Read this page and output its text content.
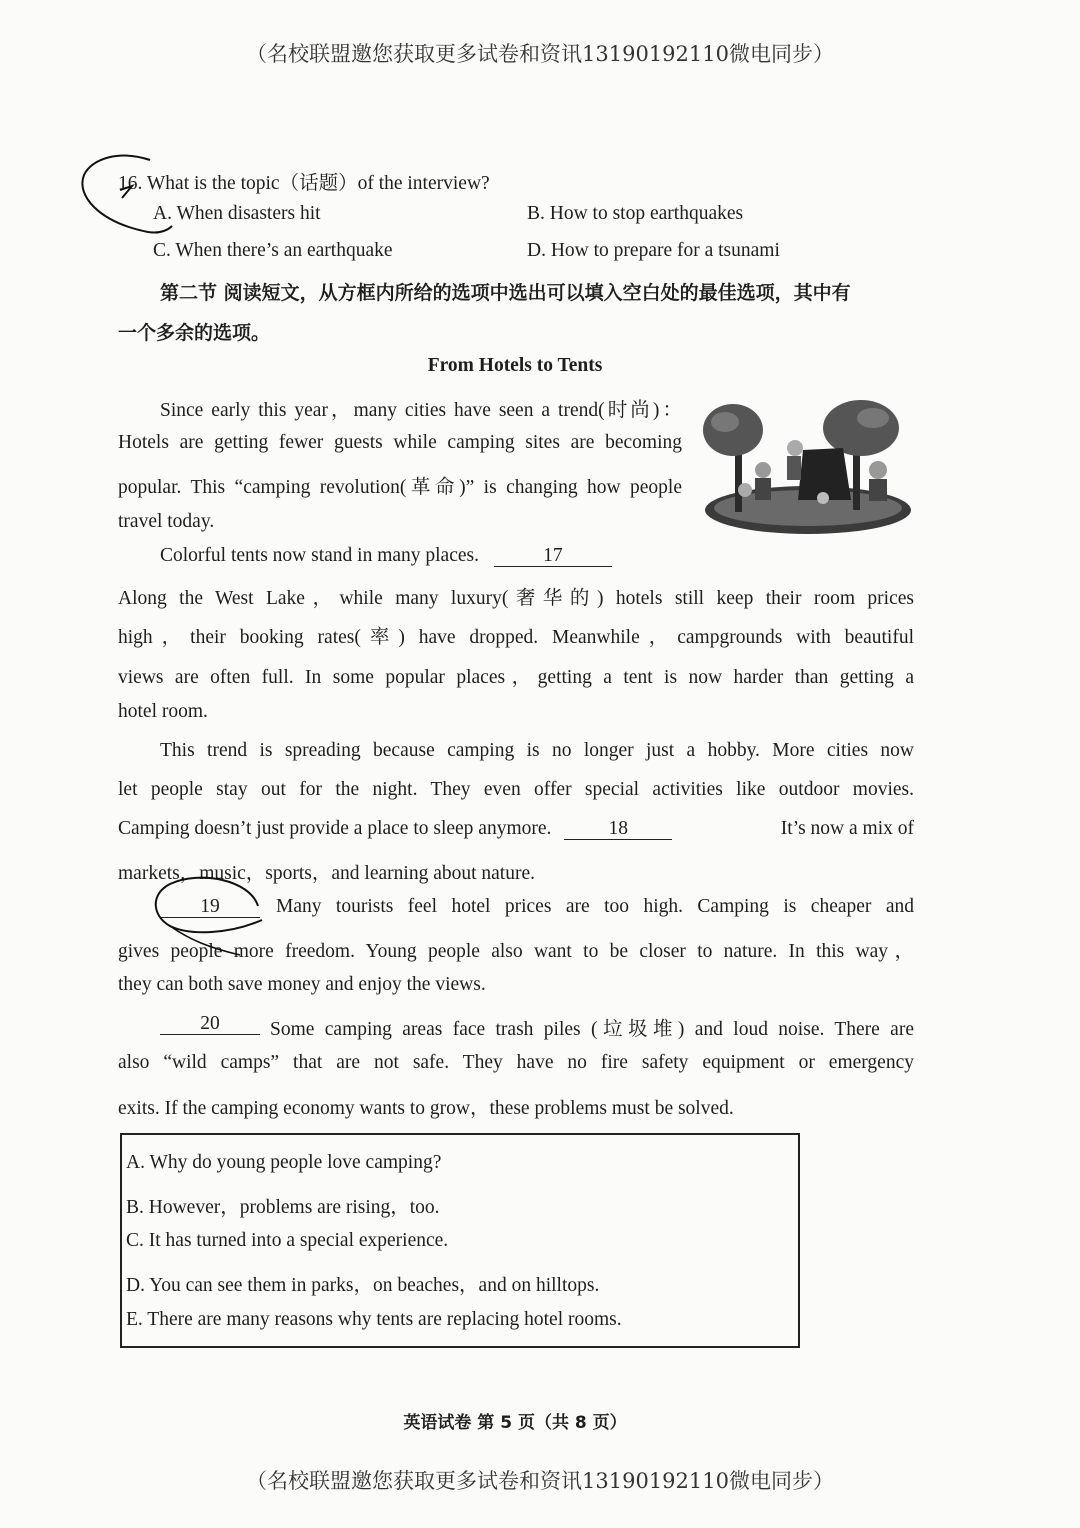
（名校联盟邀您获取更多试卷和资讯13190192110微电同步）
16. What is the topic（话题）of the interview?
A. When disasters hit	B. How to stop earthquakes
C. When there’s an earthquake	D. How to prepare for a tsunami
第二节 阅读短文，从方框内所给的选项中选出可以填入空白处的最佳选项，其中有
一个多余的选项。
From Hotels to Tents
Since early this year，many cities have seen a trend(时尚)：
Hotels are getting fewer guests while camping sites are becoming
popular. This “camping revolution(革命)” is changing how people
travel today.
Colorful tents now stand in many places.	17
Along the West Lake，while many luxury(奢华的) hotels still keep their room prices
high，their booking rates(率) have dropped. Meanwhile，campgrounds with beautiful
views are often full. In some popular places，getting a tent is now harder than getting a
hotel room.
This trend is spreading because camping is no longer just a hobby. More cities now
let people stay out for the night. They even offer special activities like outdoor movies.
Camping doesn’t just provide a place to sleep anymore.	18	It’s now a mix of
markets，music，sports，and learning about nature.
19	Many tourists feel hotel prices are too high. Camping is cheaper and
gives people more freedom. Young people also want to be closer to nature. In this way，
they can both save money and enjoy the views.
20	Some camping areas face trash piles (垃圾堆) and loud noise. There are
also “wild camps” that are not safe. They have no fire safety equipment or emergency
exits. If the camping economy wants to grow，these problems must be solved.
A. Why do young people love camping?
B. However，problems are rising，too.
C. It has turned into a special experience.
D. You can see them in parks，on beaches，and on hilltops.
E. There are many reasons why tents are replacing hotel rooms.
英语试卷 第 5 页（共 8 页）
（名校联盟邀您获取更多试卷和资讯13190192110微电同步）
